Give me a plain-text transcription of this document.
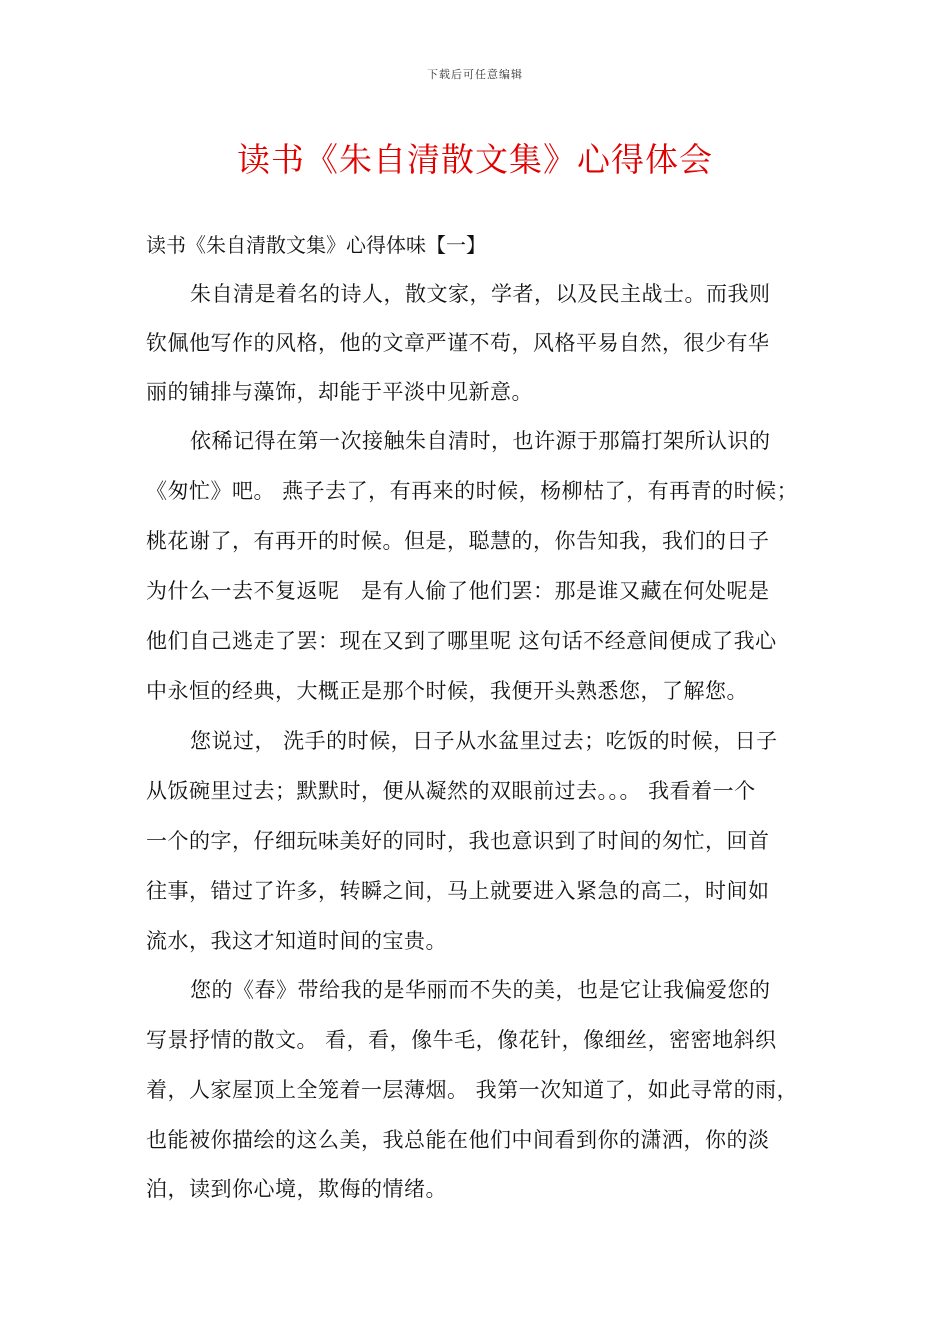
下载后可任意编辑
读书《朱自清散文集》心得体会
读书《朱自清散文集》心得体味【一】

朱自清是着名的诗人，散文家，学者，以及民主战士。而我则

钦佩他写作的风格，他的文章严谨不苟，风格平易自然，很少有华

丽的铺排与藻饰，却能于平淡中见新意。

依稀记得在第一次接触朱自清时，也许源于那篇打架所认识的

《匆忙》吧。 燕子去了，有再来的时候，杨柳枯了，有再青的时候；

桃花谢了，有再开的时候。但是，聪慧的，你告知我，我们的日子

为什么一去不复返呢　是有人偷了他们罢：那是谁又藏在何处呢是

他们自己逃走了罢：现在又到了哪里呢 这句话不经意间便成了我心

中永恒的经典，大概正是那个时候，我便开头熟悉您，了解您。

您说过， 洗手的时候，日子从水盆里过去；吃饭的时候，日子

从饭碗里过去；默默时，便从凝然的双眼前过去。。。 我看着一个

一个的字，仔细玩味美好的同时，我也意识到了时间的匆忙，回首

往事，错过了许多，转瞬之间，马上就要进入紧急的高二，时间如

流水，我这才知道时间的宝贵。

您的《春》带给我的是华丽而不失的美，也是它让我偏爱您的

写景抒情的散文。 看，看，像牛毛，像花针，像细丝，密密地斜织

着，人家屋顶上全笼着一层薄烟。 我第一次知道了，如此寻常的雨，

也能被你描绘的这么美，我总能在他们中间看到你的潇洒，你的淡

泊，读到你心境，欺侮的情绪。
